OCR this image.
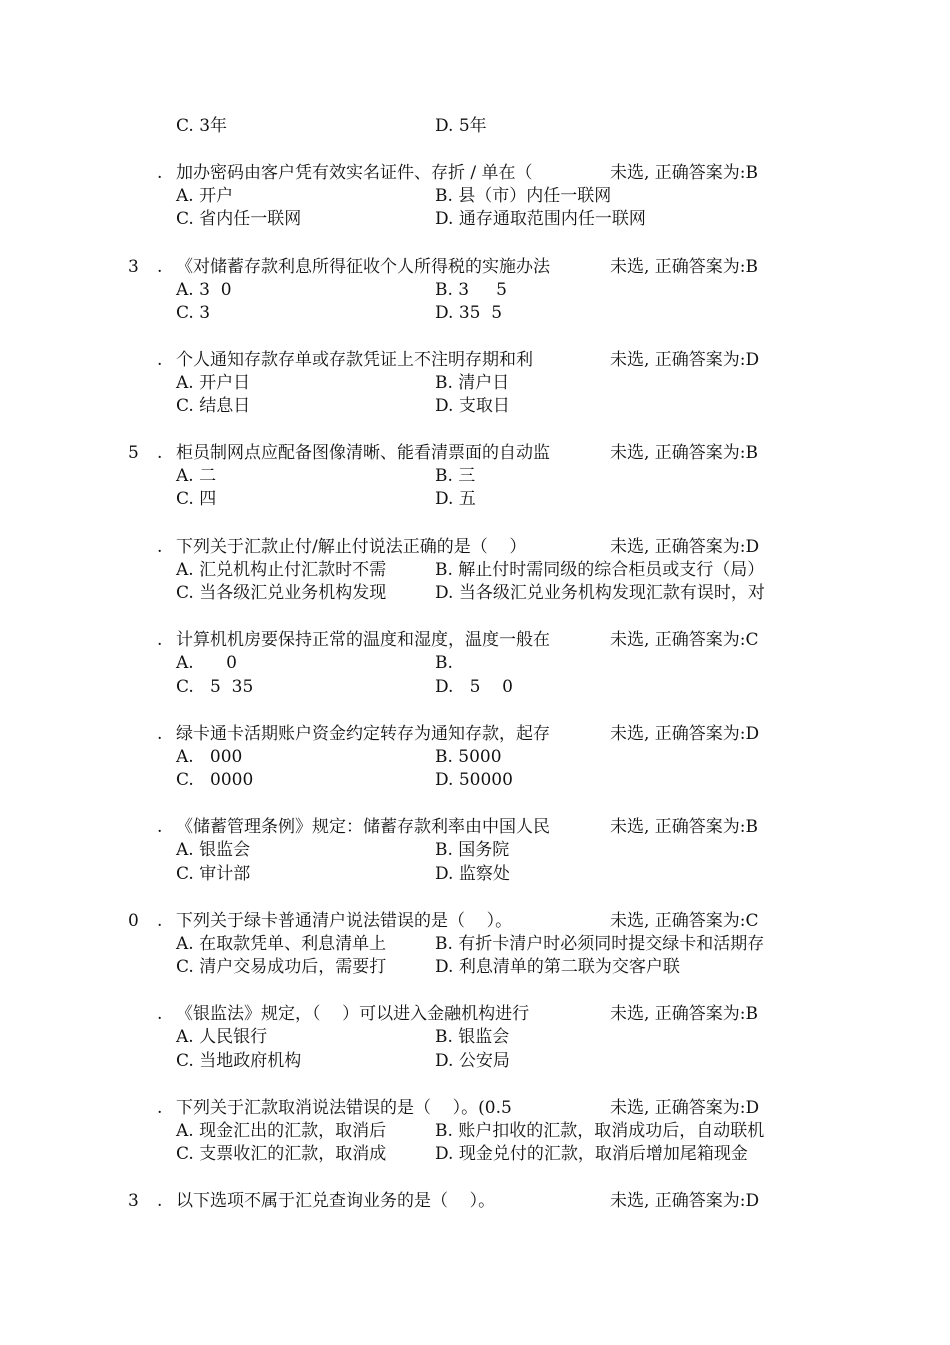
C. 3年	D. 5年
. 加办密码由客户凭有效实名证件、存折 / 单在（	未选, 正确答案为:B
A. 开户	B. 县（市）内任一联网
C. 省内任一联网	D. 通存通取范围内任一联网
3 . 《对储蓄存款利息所得征收个人所得税的实施办法	未选, 正确答案为:B
A. 3  0	B. 3     5
C. 3	D. 35  5
. 个人通知存款存单或存款凭证上不注明存期和利	未选, 正确答案为:D
A. 开户日	B. 清户日
C. 结息日	D. 支取日
5 . 柜员制网点应配备图像清晰、能看清票面的自动监	未选, 正确答案为:B
A. 二	B. 三
C. 四	D. 五
. 下列关于汇款止付/解止付说法正确的是（    ）	未选, 正确答案为:D
A. 汇兑机构止付汇款时不需	B. 解止付时需同级的综合柜员或支行（局）
C. 当各级汇兑业务机构发现	D. 当各级汇兑业务机构发现汇款有误时，对
. 计算机机房要保持正常的温度和湿度，温度一般在	未选, 正确答案为:C
A.      0	B.
C.   5  35	D.   5    0
. 绿卡通卡活期账户资金约定转存为通知存款，起存	未选, 正确答案为:D
A.   000	B. 5000
C.   0000	D. 50000
. 《储蓄管理条例》规定：储蓄存款利率由中国人民	未选, 正确答案为:B
A. 银监会	B. 国务院
C. 审计部	D. 监察处
0 . 下列关于绿卡普通清户说法错误的是（    ）。	未选, 正确答案为:C
A. 在取款凭单、利息清单上	B. 有折卡清户时必须同时提交绿卡和活期存
C. 清户交易成功后，需要打	D. 利息清单的第二联为交客户联
. 《银监法》规定，（    ）可以进入金融机构进行	未选, 正确答案为:B
A. 人民银行	B. 银监会
C. 当地政府机构	D. 公安局
. 下列关于汇款取消说法错误的是（    ）。(0.5	未选, 正确答案为:D
A. 现金汇出的汇款，取消后	B. 账户扣收的汇款，取消成功后，自动联机
C. 支票收汇的汇款，取消成	D. 现金兑付的汇款，取消后增加尾箱现金
3 . 以下选项不属于汇兑查询业务的是（    ）。	未选, 正确答案为:D
